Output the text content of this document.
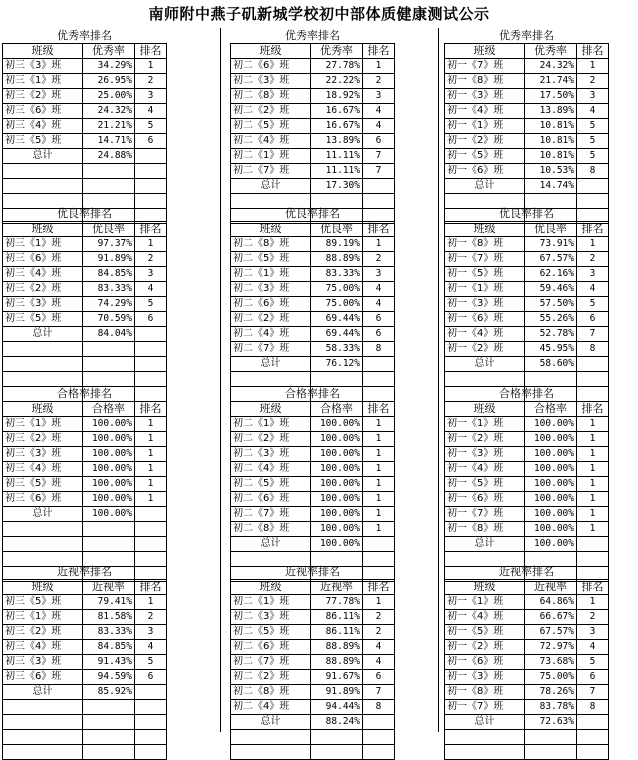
南师附中燕子矶新城学校初中部体质健康测试公示
优秀率排名		
班级	优秀率	排名
初三《3》班	34.29%	1
初三《1》班	26.95%	2
初三《2》班	25.00%	3
初三《6》班	24.32%	4
初三《4》班	21.21%	5
初三《5》班	14.71%	6
总计	24.88%	

优秀率排名		
班级	优秀率	排名
初二《6》班	27.78%	1
初二《3》班	22.22%	2
初二《8》班	18.92%	3
初二《2》班	16.67%	4
初二《5》班	16.67%	4
初二《4》班	13.89%	6
初二《1》班	11.11%	7
初二《7》班	11.11%	7
总计	17.30%	

优秀率排名		
班级	优秀率	排名
初一《7》班	24.32%	1
初一《8》班	21.74%	2
初一《3》班	17.50%	3
初一《4》班	13.89%	4
初一《1》班	10.81%	5
初一《2》班	10.81%	5
初一《5》班	10.81%	5
初一《6》班	10.53%	8
总计	14.74%	

优良率排名		
班级	优良率	排名
初三《1》班	97.37%	1
初三《6》班	91.89%	2
初三《4》班	84.85%	3
初三《2》班	83.33%	4
初三《3》班	74.29%	5
初三《5》班	70.59%	6
总计	84.04%	

优良率排名		
班级	优良率	排名
初二《8》班	89.19%	1
初二《5》班	88.89%	2
初二《1》班	83.33%	3
初二《3》班	75.00%	4
初二《6》班	75.00%	4
初二《2》班	69.44%	6
初二《4》班	69.44%	6
初二《7》班	58.33%	8
总计	76.12%	

优良率排名		
班级	优良率	排名
初一《8》班	73.91%	1
初一《7》班	67.57%	2
初一《5》班	62.16%	3
初一《1》班	59.46%	4
初一《3》班	57.50%	5
初一《6》班	55.26%	6
初一《4》班	52.78%	7
初一《2》班	45.95%	8
总计	58.60%	

合格率排名		
班级	合格率	排名
初三《1》班	100.00%	1
初三《2》班	100.00%	1
初三《3》班	100.00%	1
初三《4》班	100.00%	1
初三《5》班	100.00%	1
初三《6》班	100.00%	1
总计	100.00%	

合格率排名		
班级	合格率	排名
初二《1》班	100.00%	1
初二《2》班	100.00%	1
初二《3》班	100.00%	1
初二《4》班	100.00%	1
初二《5》班	100.00%	1
初二《6》班	100.00%	1
初二《7》班	100.00%	1
初二《8》班	100.00%	1
总计	100.00%	

合格率排名		
班级	合格率	排名
初一《1》班	100.00%	1
初一《2》班	100.00%	1
初一《3》班	100.00%	1
初一《4》班	100.00%	1
初一《5》班	100.00%	1
初一《6》班	100.00%	1
初一《7》班	100.00%	1
初一《8》班	100.00%	1
总计	100.00%	

近视率排名		
班级	近视率	排名
初三《5》班	79.41%	1
初三《1》班	81.58%	2
初三《2》班	83.33%	3
初三《4》班	84.85%	4
初三《3》班	91.43%	5
初三《6》班	94.59%	6
总计	85.92%	

近视率排名		
班级	近视率	排名
初二《1》班	77.78%	1
初二《3》班	86.11%	2
初二《5》班	86.11%	2
初二《6》班	88.89%	4
初二《7》班	88.89%	4
初二《2》班	91.67%	6
初二《8》班	91.89%	7
初二《4》班	94.44%	8
总计	88.24%	

近视率排名		
班级	近视率	排名
初一《1》班	64.86%	1
初一《4》班	66.67%	2
初一《5》班	67.57%	3
初一《2》班	72.97%	4
初一《6》班	73.68%	5
初一《3》班	75.00%	6
初一《8》班	78.26%	7
初一《7》班	83.78%	8
总计	72.63%	
